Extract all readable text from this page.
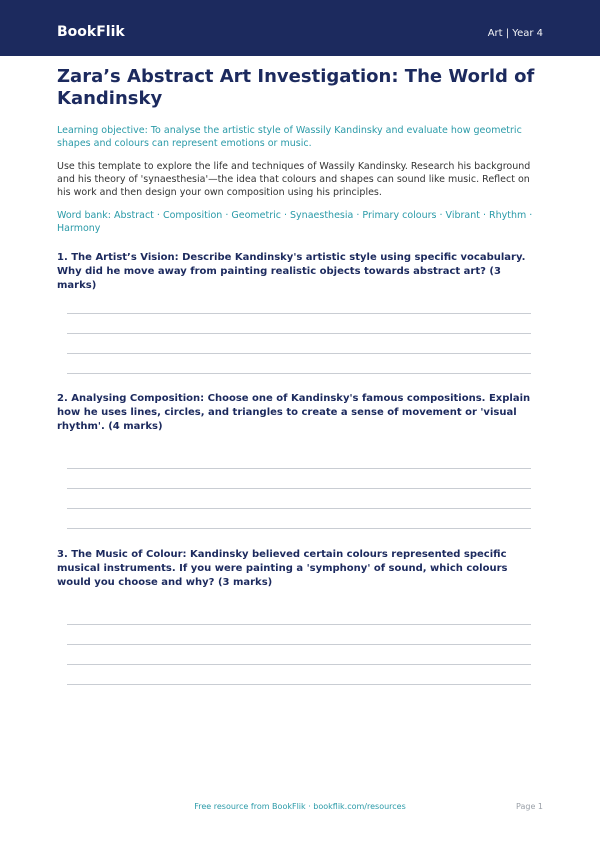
BookFlik	Art | Year 4
Zara’s Abstract Art Investigation: The World of Kandinsky

Learning objective: To analyse the artistic style of Wassily Kandinsky and evaluate how geometric shapes and colours can represent emotions or music.

Use this template to explore the life and techniques of Wassily Kandinsky. Research his background and his theory of 'synaesthesia'—the idea that colours and shapes can sound like music. Reflect on his work and then design your own composition using his principles.

Word bank: Abstract · Composition · Geometric · Synaesthesia · Primary colours · Vibrant · Rhythm · Harmony

1. The Artist’s Vision: Describe Kandinsky's artistic style using specific vocabulary. Why did he move away from painting realistic objects towards abstract art? (3 marks)

2. Analysing Composition: Choose one of Kandinsky's famous compositions. Explain how he uses lines, circles, and triangles to create a sense of movement or 'visual rhythm'. (4 marks)

3. The Music of Colour: Kandinsky believed certain colours represented specific musical instruments. If you were painting a 'symphony' of sound, which colours would you choose and why? (3 marks)

Free resource from BookFlik · bookflik.com/resources	Page 1
